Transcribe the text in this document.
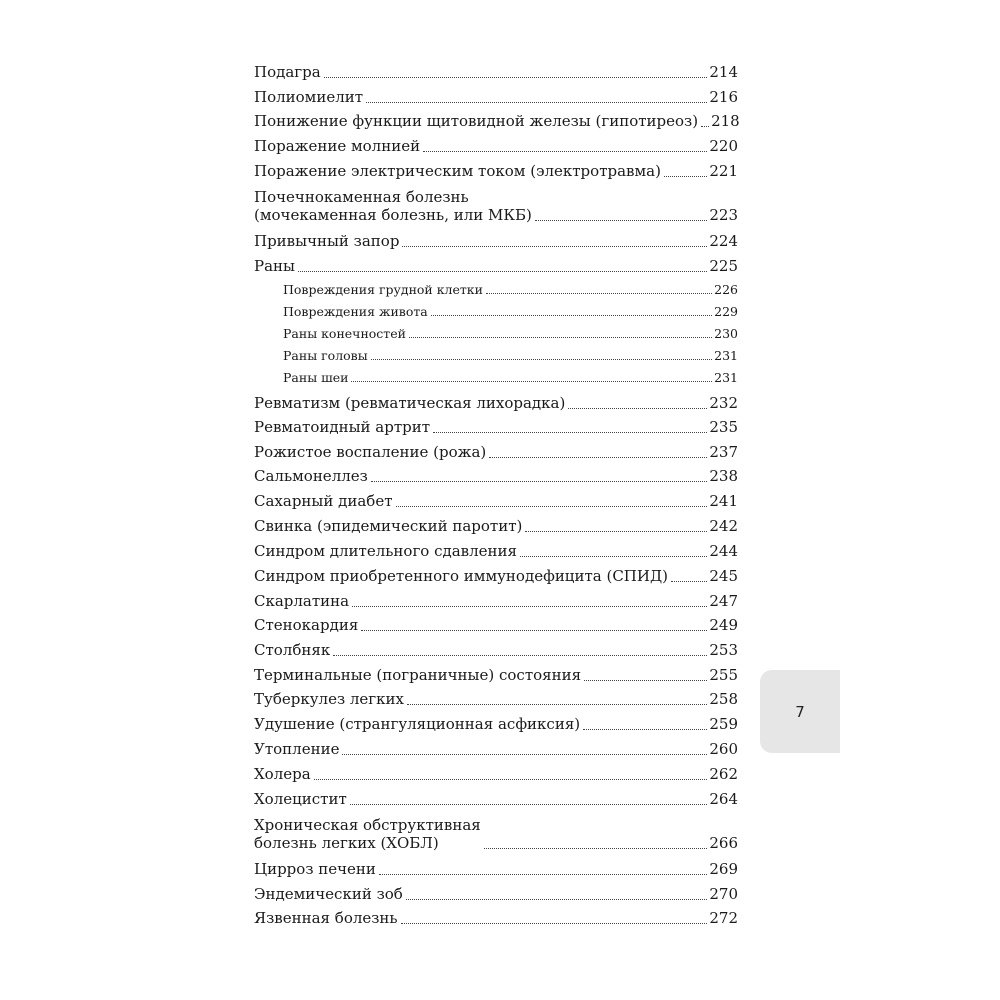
Подагра	214
Полиомиелит	216
Понижение функции щитовидной железы (гипотиреоз) 218
Поражение молнией	220
Поражение электрическим током (электротравма)	221
Почечнокаменная болезнь
(мочекаменная болезнь, или МКБ)	223
Привычный запор	224
Раны	225
Повреждения грудной клетки	226
Повреждения живота	229
Раны конечностей	230
Раны головы	231
Раны шеи	231
Ревматизм (ревматическая лихорадка)	232
Ревматоидный артрит	235
Рожистое воспаление (рожа)	237
Сальмонеллез	238
Сахарный диабет	241
Свинка (эпидемический паротит)	242
Синдром длительного сдавления	244
Синдром приобретенного иммунодефицита (СПИД)	245
Скарлатина	247
Стенокардия	249
Столбняк	253
Терминальные (пограничные) состояния	255
Туберкулез легких	258
Удушение (странгуляционная асфиксия)	259
Утопление	260
Холера	262
Холецистит	264
Хроническая обструктивная
болезнь легких (ХОБЛ)	266
Цирроз печени	269
Эндемический зоб	270
Язвенная болезнь	272
7
